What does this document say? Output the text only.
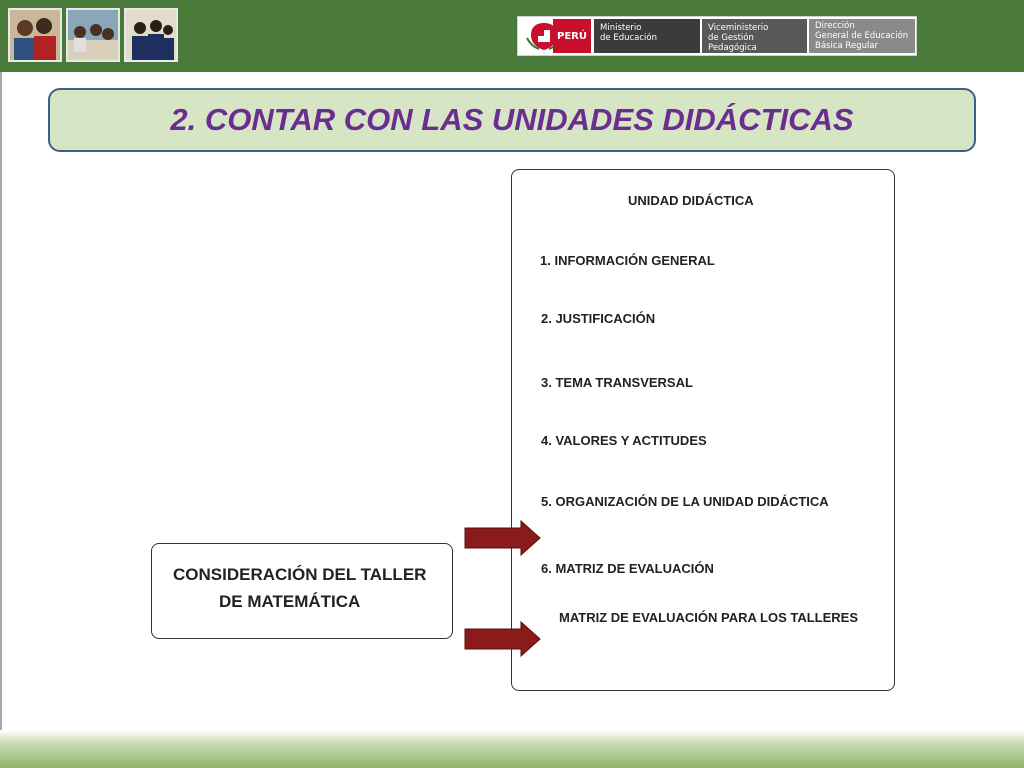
PERÚ
Ministerio
de Educación
Viceministerio
de Gestión Pedagógica
Dirección
General de Educación
Básica Regular
2. CONTAR CON LAS UNIDADES DIDÁCTICAS
UNIDAD DIDÁCTICA
1. INFORMACIÓN GENERAL
2. JUSTIFICACIÓN
3. TEMA TRANSVERSAL
4. VALORES Y ACTITUDES
5. ORGANIZACIÓN DE LA UNIDAD DIDÁCTICA
6. MATRIZ DE EVALUACIÓN
MATRIZ DE EVALUACIÓN PARA LOS TALLERES
CONSIDERACIÓN DEL TALLER
DE MATEMÁTICA
